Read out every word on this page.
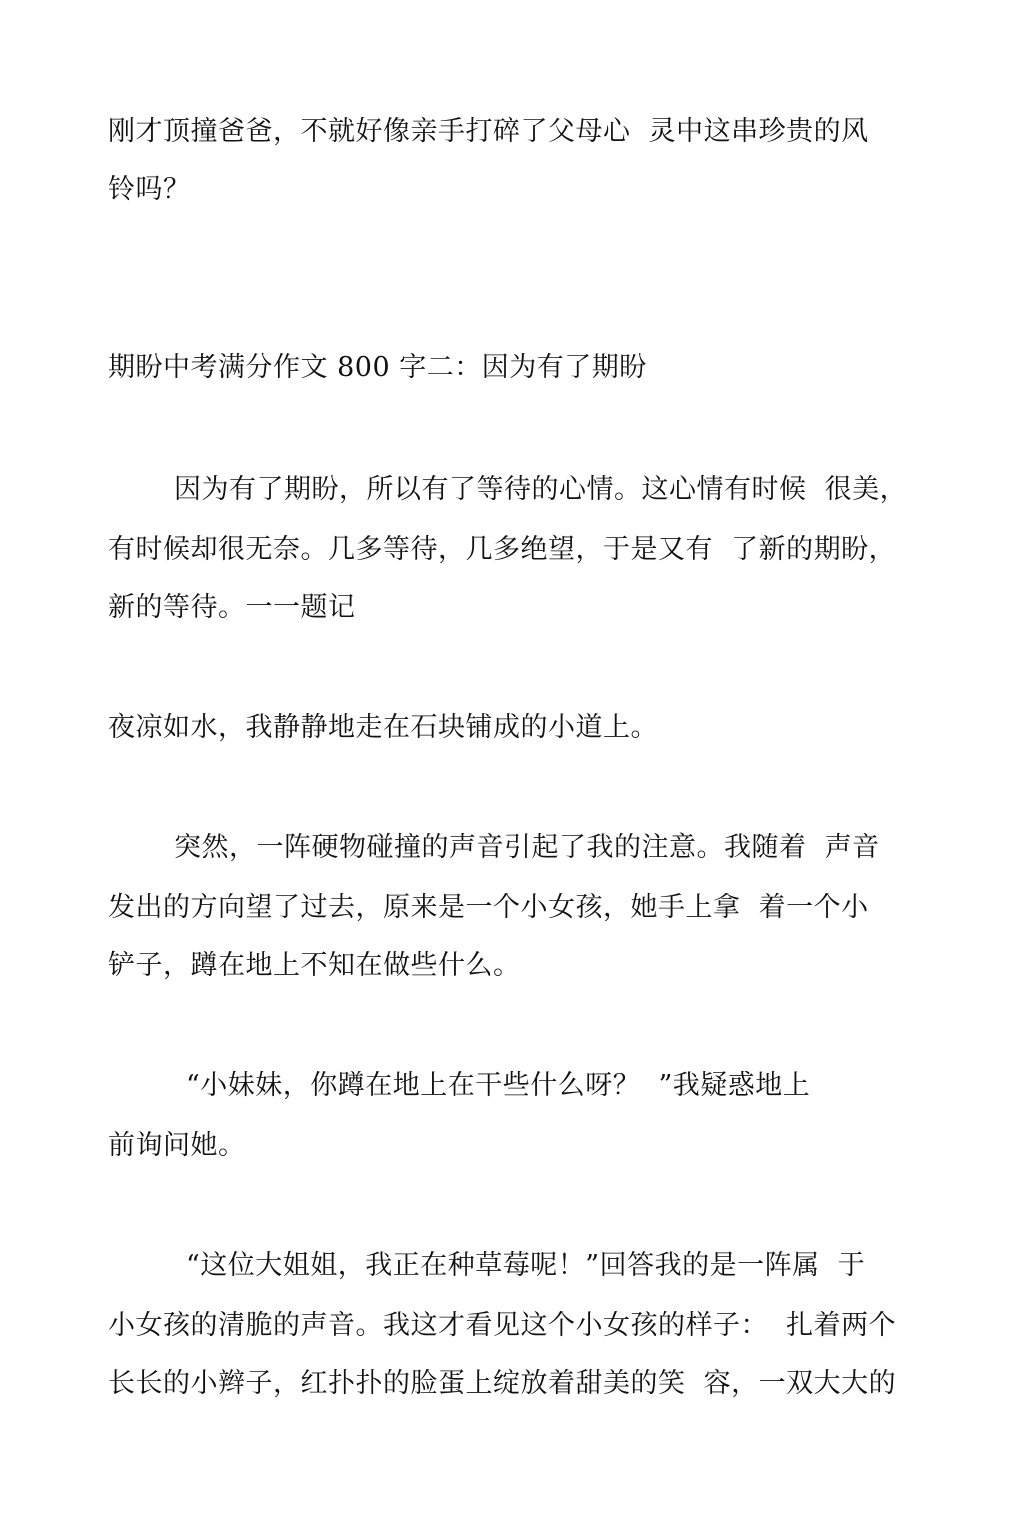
刚才顶撞爸爸，不就好像亲手打碎了父母心  灵中这串珍贵的风
铃吗？
期盼中考满分作文 800 字二：因为有了期盼
因为有了期盼，所以有了等待的心情。这心情有时候  很美，
有时候却很无奈。几多等待，几多绝望，于是又有  了新的期盼，
新的等待。一一题记
夜凉如水，我静静地走在石块铺成的小道上。
突然，一阵硬物碰撞的声音引起了我的注意。我随着  声音
发出的方向望了过去，原来是一个小女孩，她手上拿  着一个小
铲子，蹲在地上不知在做些什么。
“小妹妹，你蹲在地上在干些什么呀？  ”我疑惑地上
前询问她。
“这位大姐姐，我正在种草莓呢！”回答我的是一阵属  于
小女孩的清脆的声音。我这才看见这个小女孩的样子：  扎着两个
长长的小辫子，红扑扑的脸蛋上绽放着甜美的笑  容，一双大大的
